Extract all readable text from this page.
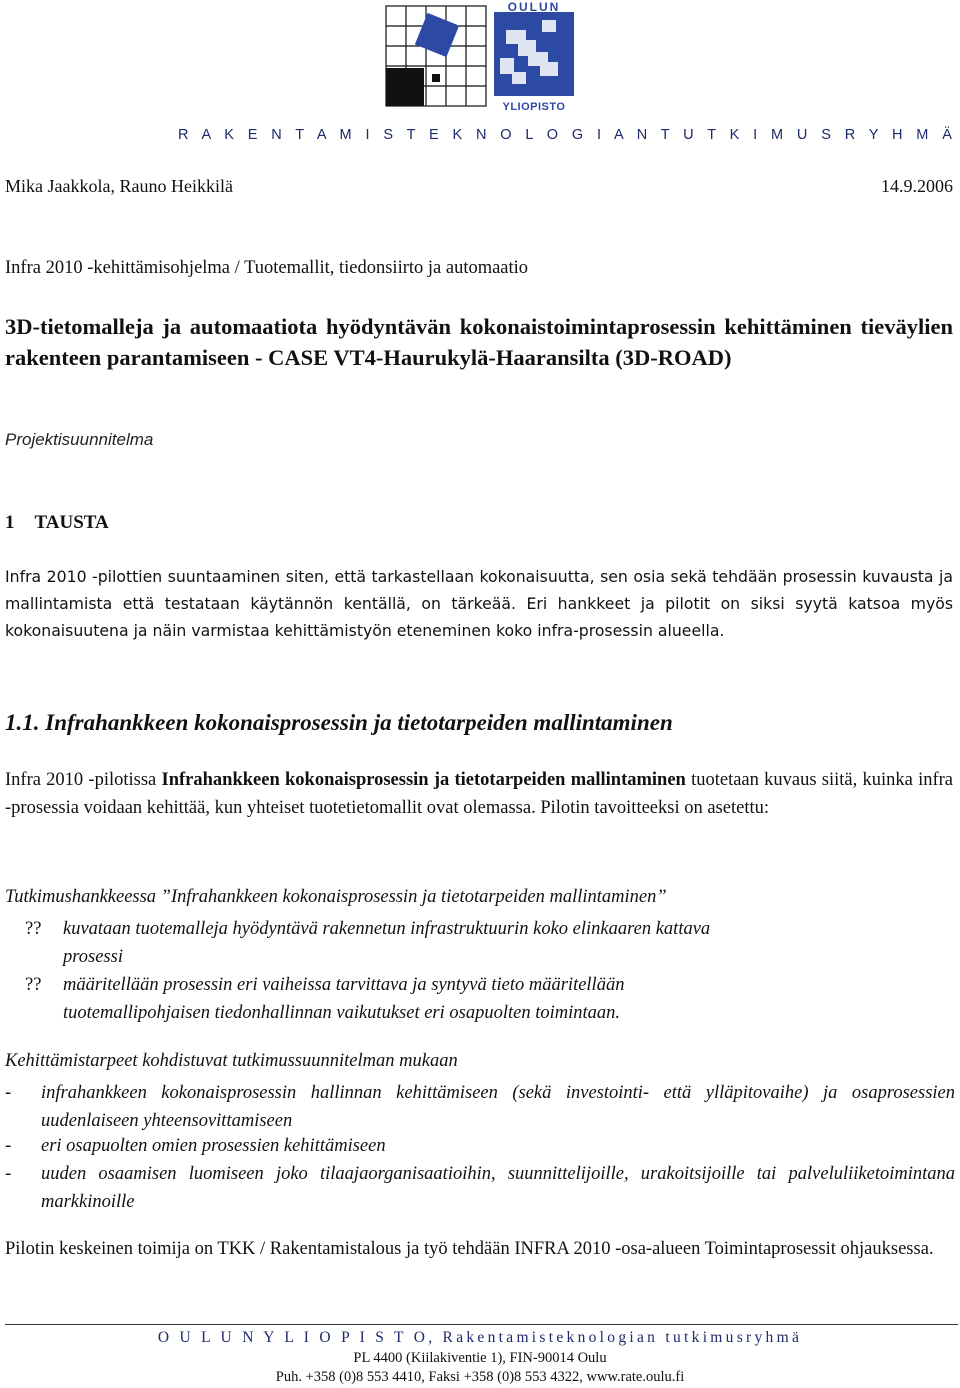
OULUN
YLIOPISTO
R A K E N T A M I S T E K N O L O G I A N T U T K I M U S R Y H M Ä
Mika Jaakkola, Rauno Heikkilä	14.9.2006
Infra 2010 -kehittämisohjelma / Tuotemallit, tiedonsiirto ja automaatio
3D-tietomalleja ja automaatiota hyödyntävän kokonaistoimintaprosessin kehittäminen tieväylien rakenteen parantamiseen - CASE VT4-Haurukylä-Haaransilta (3D-ROAD)
Projektisuunnitelma
1 TAUSTA
Infra 2010 -pilottien suuntaaminen siten, että tarkastellaan kokonaisuutta, sen osia sekä tehdään prosessin kuvausta ja mallintamista että testataan käytännön kentällä, on tärkeää. Eri hankkeet ja pilotit on siksi syytä katsoa myös kokonaisuutena ja näin varmistaa kehittämistyön eteneminen koko infra-prosessin alueella.
1.1. Infrahankkeen kokonaisprosessin ja tietotarpeiden mallintaminen
Infra 2010 -pilotissa Infrahankkeen kokonaisprosessin ja tietotarpeiden mallintaminen tuotetaan kuvaus siitä, kuinka infra -prosessia voidaan kehittää, kun yhteiset tuotetietomallit ovat olemassa. Pilotin tavoitteeksi on asetettu:
Tutkimushankkeessa ”Infrahankkeen kokonaisprosessin ja tietotarpeiden mallintaminen”
?? kuvataan tuotemalleja hyödyntävä rakennetun infrastruktuurin koko elinkaaren kattava
prosessi
?? määritellään prosessin eri vaiheissa tarvittava ja syntyvä tieto määritellään
tuotemallipohjaisen tiedonhallinnan vaikutukset eri osapuolten toimintaan.
Kehittämistarpeet kohdistuvat tutkimussuunnitelman mukaan
- infrahankkeen kokonaisprosessin hallinnan kehittämiseen (sekä investointi- että ylläpitovaihe) ja osaprosessien uudenlaiseen yhteensovittamiseen
- eri osapuolten omien prosessien kehittämiseen
- uuden osaamisen luomiseen joko tilaajaorganisaatioihin, suunnittelijoille, urakoitsijoille tai palveluliiketoimintana markkinoille
Pilotin keskeinen toimija on TKK / Rakentamistalous ja työ tehdään INFRA 2010 -osa-alueen Toimintaprosessit ohjauksessa.
O U L U N Y L I O P I S T O, Rakentamisteknologian tutkimusryhmä
PL 4400 (Kiilakiventie 1), FIN-90014 Oulu
Puh. +358 (0)8 553 4410, Faksi +358 (0)8 553 4322, www.rate.oulu.fi
